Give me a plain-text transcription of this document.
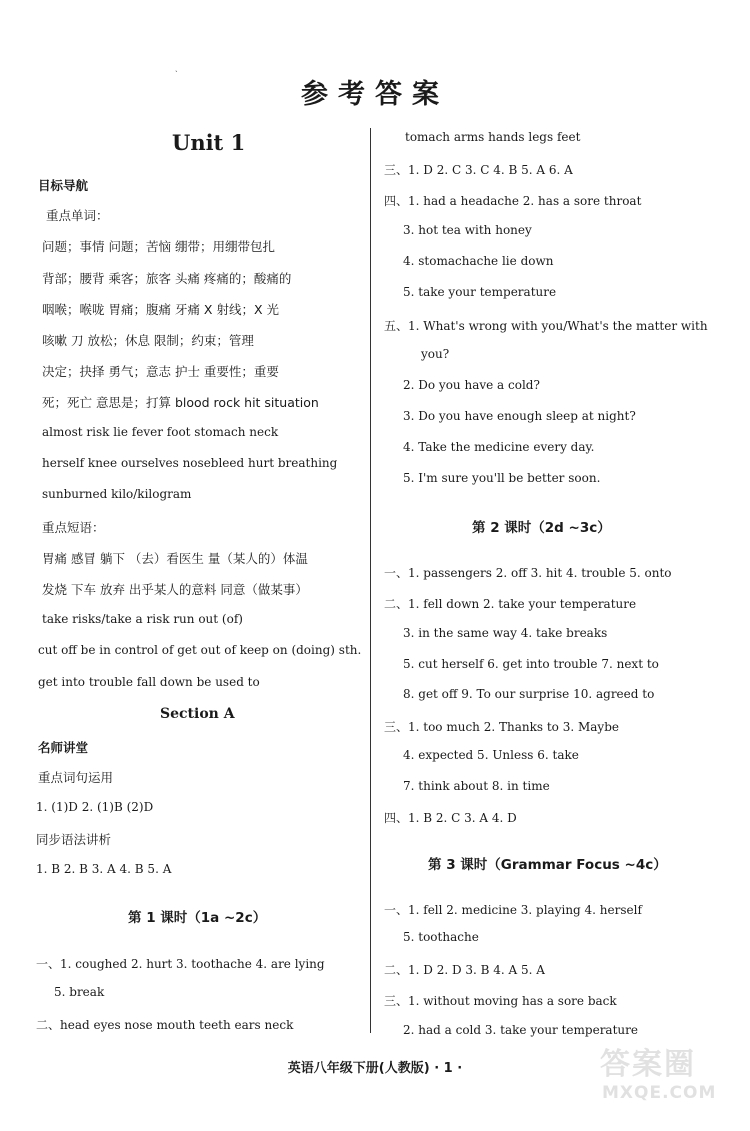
参考答案
ˎ
Unit 1
目标导航
重点单词：
问题；事情 问题；苦恼 绷带；用绷带包扎
背部；腰背 乘客；旅客 头痛 疼痛的；酸痛的
咽喉；喉咙 胃痛；腹痛 牙痛 X 射线；X 光
咳嗽 刀 放松；休息 限制；约束；管理
决定；抉择 勇气；意志 护士 重要性；重要
死；死亡 意思是；打算 blood rock hit situation
almost risk lie fever foot stomach neck
herself knee ourselves nosebleed hurt breathing
sunburned kilo/kilogram
重点短语：
胃痛 感冒 躺下 （去）看医生 量（某人的）体温
发烧 下车 放弃 出乎某人的意料 同意（做某事）
take risks/take a risk run out (of)
cut off be in control of get out of keep on (doing) sth.
get into trouble fall down be used to
Section A
名师讲堂
重点词句运用
1. (1)D 2. (1)B (2)D
同步语法讲析
1. B 2. B 3. A 4. B 5. A
第 1 课时（1a ~2c）
一、1. coughed 2. hurt 3. toothache 4. are lying
5. break
二、head eyes nose mouth teeth ears neck
tomach arms hands legs feet
三、1. D 2. C 3. C 4. B 5. A 6. A
四、1. had a headache 2. has a sore throat
3. hot tea with honey
4. stomachache lie down
5. take your temperature
五、1. What's wrong with you/What's the matter with
you?
2. Do you have a cold?
3. Do you have enough sleep at night?
4. Take the medicine every day.
5. I'm sure you'll be better soon.
第 2 课时（2d ~3c）
一、1. passengers 2. off 3. hit 4. trouble 5. onto
二、1. fell down 2. take your temperature
3. in the same way 4. take breaks
5. cut herself 6. get into trouble 7. next to
8. get off 9. To our surprise 10. agreed to
三、1. too much 2. Thanks to 3. Maybe
4. expected 5. Unless 6. take
7. think about 8. in time
四、1. B 2. C 3. A 4. D
第 3 课时（Grammar Focus ~4c）
一、1. fell 2. medicine 3. playing 4. herself
5. toothache
二、1. D 2. D 3. B 4. A 5. A
三、1. without moving has a sore back
2. had a cold 3. take your temperature
英语八年级下册(人教版) · 1 ·	答案圈
MXQE.COM
